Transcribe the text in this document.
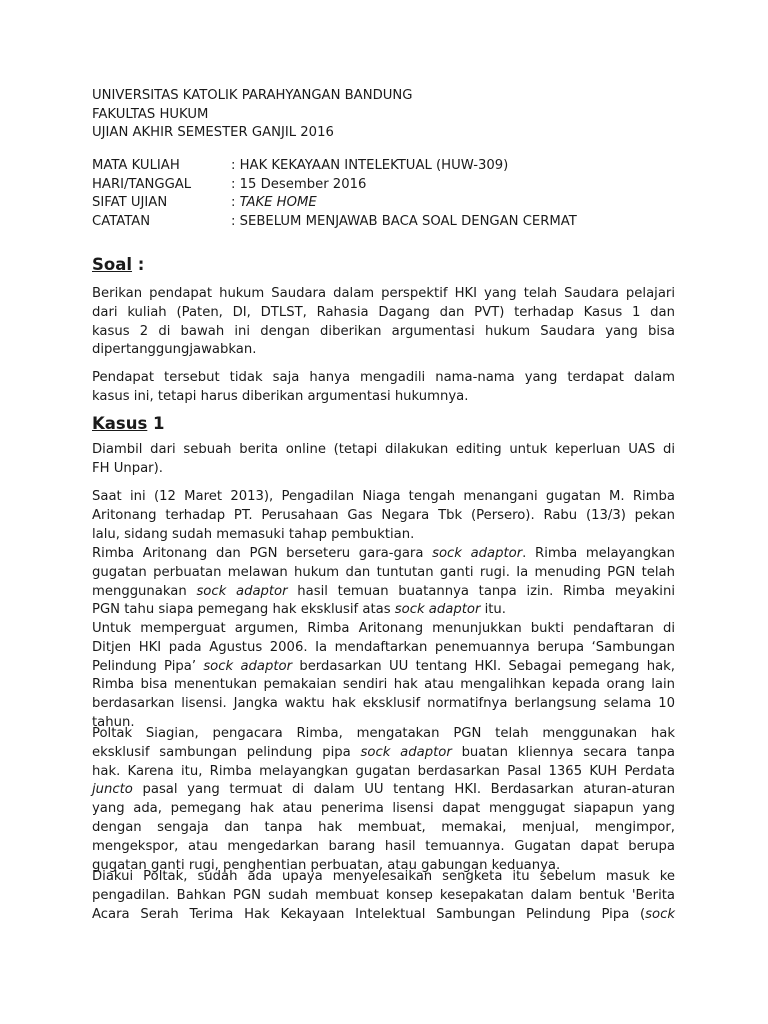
UNIVERSITAS KATOLIK PARAHYANGAN BANDUNG
FAKULTAS HUKUM
UJIAN AKHIR SEMESTER GANJIL 2016
MATA KULIAH	: HAK KEKAYAAN INTELEKTUAL (HUW-309)
HARI/TANGGAL	: 15 Desember 2016
SIFAT UJIAN	: TAKE HOME
CATATAN	: SEBELUM MENJAWAB BACA SOAL DENGAN CERMAT
Soal :
Berikan pendapat hukum Saudara dalam perspektif HKI yang telah Saudara pelajari
dari kuliah (Paten, DI, DTLST, Rahasia Dagang dan PVT) terhadap Kasus 1 dan
kasus 2 di bawah ini dengan diberikan argumentasi hukum Saudara yang bisa
dipertanggungjawabkan.
Pendapat tersebut tidak saja hanya mengadili nama-nama yang terdapat dalam
kasus ini, tetapi harus diberikan argumentasi hukumnya.
Kasus 1
Diambil dari sebuah berita online (tetapi dilakukan editing untuk keperluan UAS di
FH Unpar).
Saat ini (12 Maret 2013), Pengadilan Niaga tengah menangani gugatan M. Rimba
Aritonang terhadap PT. Perusahaan Gas Negara Tbk (Persero). Rabu (13/3) pekan
lalu, sidang sudah memasuki tahap pembuktian.
Rimba Aritonang dan PGN berseteru gara-gara sock adaptor. Rimba melayangkan
gugatan perbuatan melawan hukum dan tuntutan ganti rugi. Ia menuding PGN telah
menggunakan sock adaptor hasil temuan buatannya tanpa izin. Rimba meyakini
PGN tahu siapa pemegang hak eksklusif atas sock adaptor itu.
Untuk memperguat argumen, Rimba Aritonang menunjukkan bukti pendaftaran di
Ditjen HKI pada Agustus 2006. Ia mendaftarkan penemuannya berupa ‘Sambungan
Pelindung Pipa’ sock adaptor berdasarkan UU tentang HKI. Sebagai pemegang hak,
Rimba bisa menentukan pemakaian sendiri hak atau mengalihkan kepada orang lain
berdasarkan lisensi. Jangka waktu hak eksklusif normatifnya berlangsung selama 10
tahun.
Poltak Siagian, pengacara Rimba, mengatakan PGN telah menggunakan hak
eksklusif sambungan pelindung pipa sock adaptor buatan kliennya secara tanpa
hak. Karena itu, Rimba melayangkan gugatan berdasarkan Pasal 1365 KUH Perdata
juncto pasal yang termuat di dalam UU tentang HKI. Berdasarkan aturan-aturan
yang ada, pemegang hak atau penerima lisensi dapat menggugat siapapun yang
dengan sengaja dan tanpa hak membuat, memakai, menjual, mengimpor,
mengekspor, atau mengedarkan barang hasil temuannya. Gugatan dapat berupa
gugatan ganti rugi, penghentian perbuatan, atau gabungan keduanya.
Diakui Poltak, sudah ada upaya menyelesaikan sengketa itu sebelum masuk ke
pengadilan. Bahkan PGN sudah membuat konsep kesepakatan dalam bentuk 'Berita
Acara Serah Terima Hak Kekayaan Intelektual Sambungan Pelindung Pipa (sock
